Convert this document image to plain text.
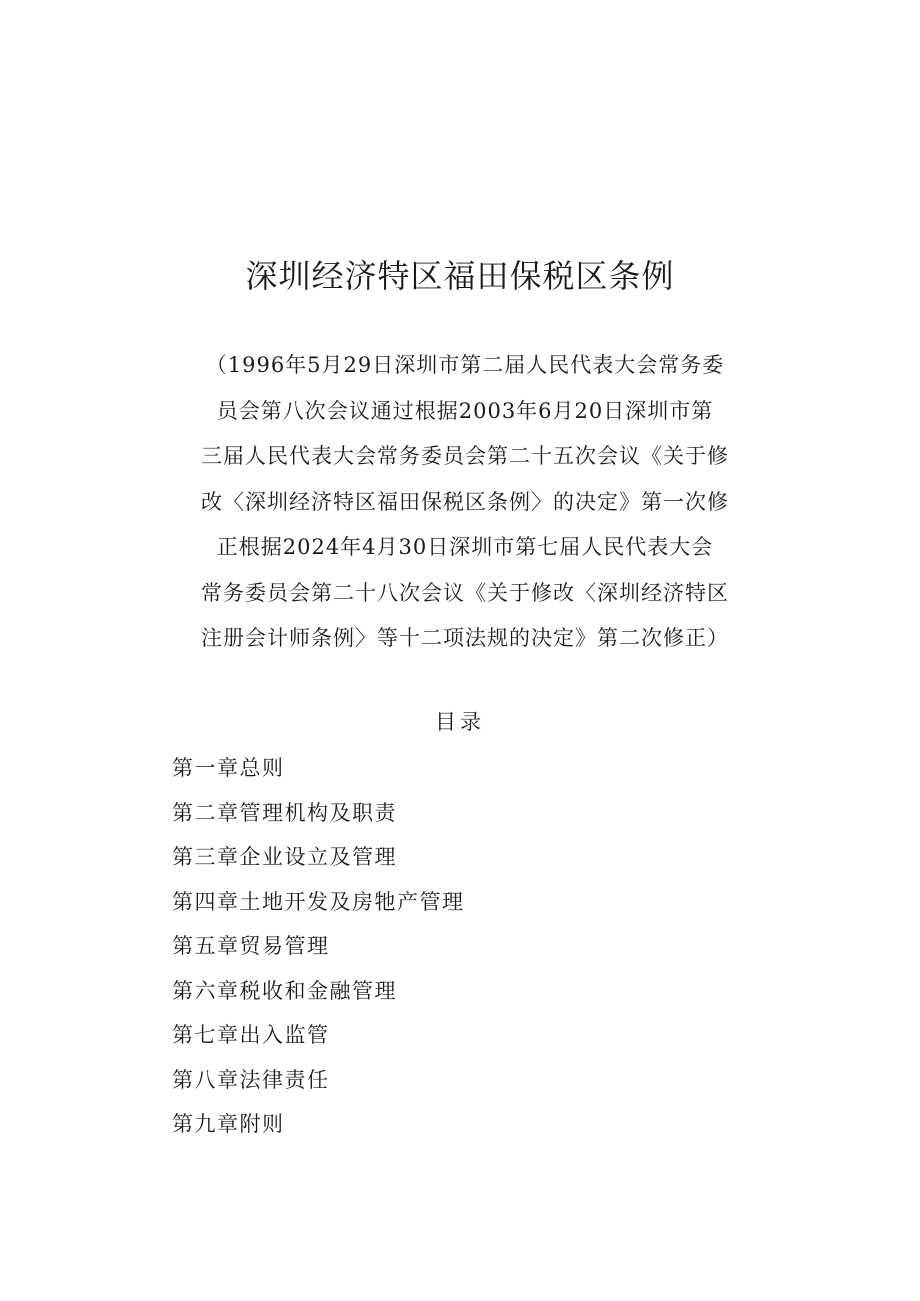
深圳经济特区福田保税区条例
（1996年5月29日深圳市第二届人民代表大会常务委
员会第八次会议通过根据2003年6月20日深圳市第
三届人民代表大会常务委员会第二十五次会议《关于修
改〈深圳经济特区福田保税区条例〉的决定》第一次修
正根据2024年4月30日深圳市第七届人民代表大会
常务委员会第二十八次会议《关于修改〈深圳经济特区
注册会计师条例〉等十二项法规的决定》第二次修正）
目录
第一章总则
第二章管理机构及职责
第三章企业设立及管理
第四章土地开发及房牠产管理
第五章贸易管理
第六章税收和金融管理
第七章出入监管
第八章法律责任
第九章附则
